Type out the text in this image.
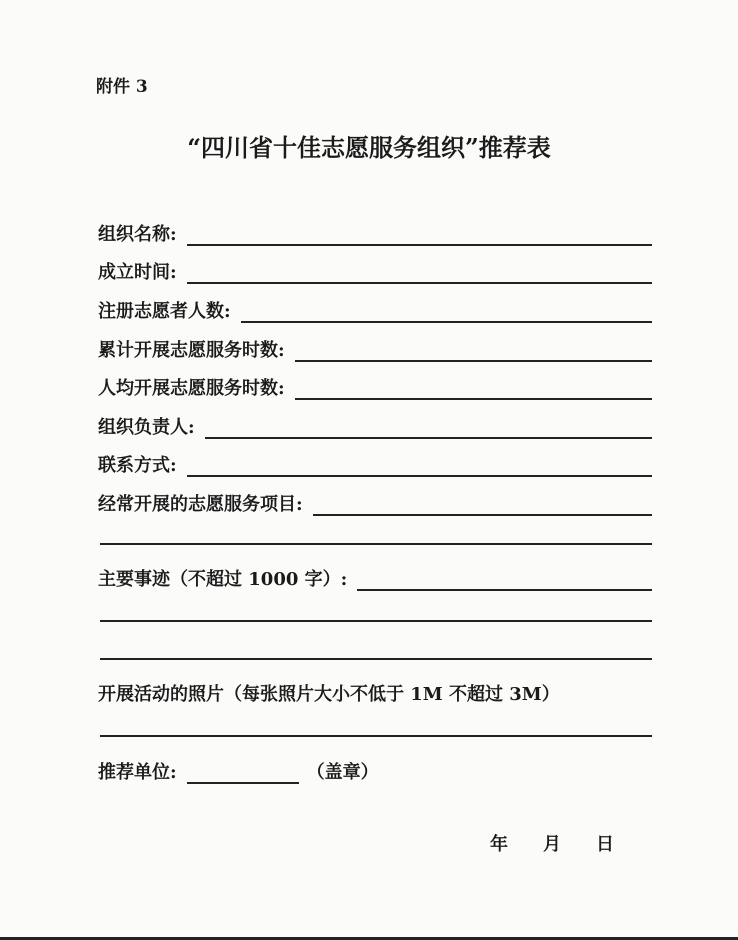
附件 3
“四川省十佳志愿服务组织”推荐表
组织名称:
成立时间:
注册志愿者人数:
累计开展志愿服务时数:
人均开展志愿服务时数:
组织负责人:
联系方式:
经常开展的志愿服务项目:
主要事迹（不超过 1000 字）:
开展活动的照片（每张照片大小不低于 1M 不超过 3M）
推荐单位:	（盖章）
年 月 日
